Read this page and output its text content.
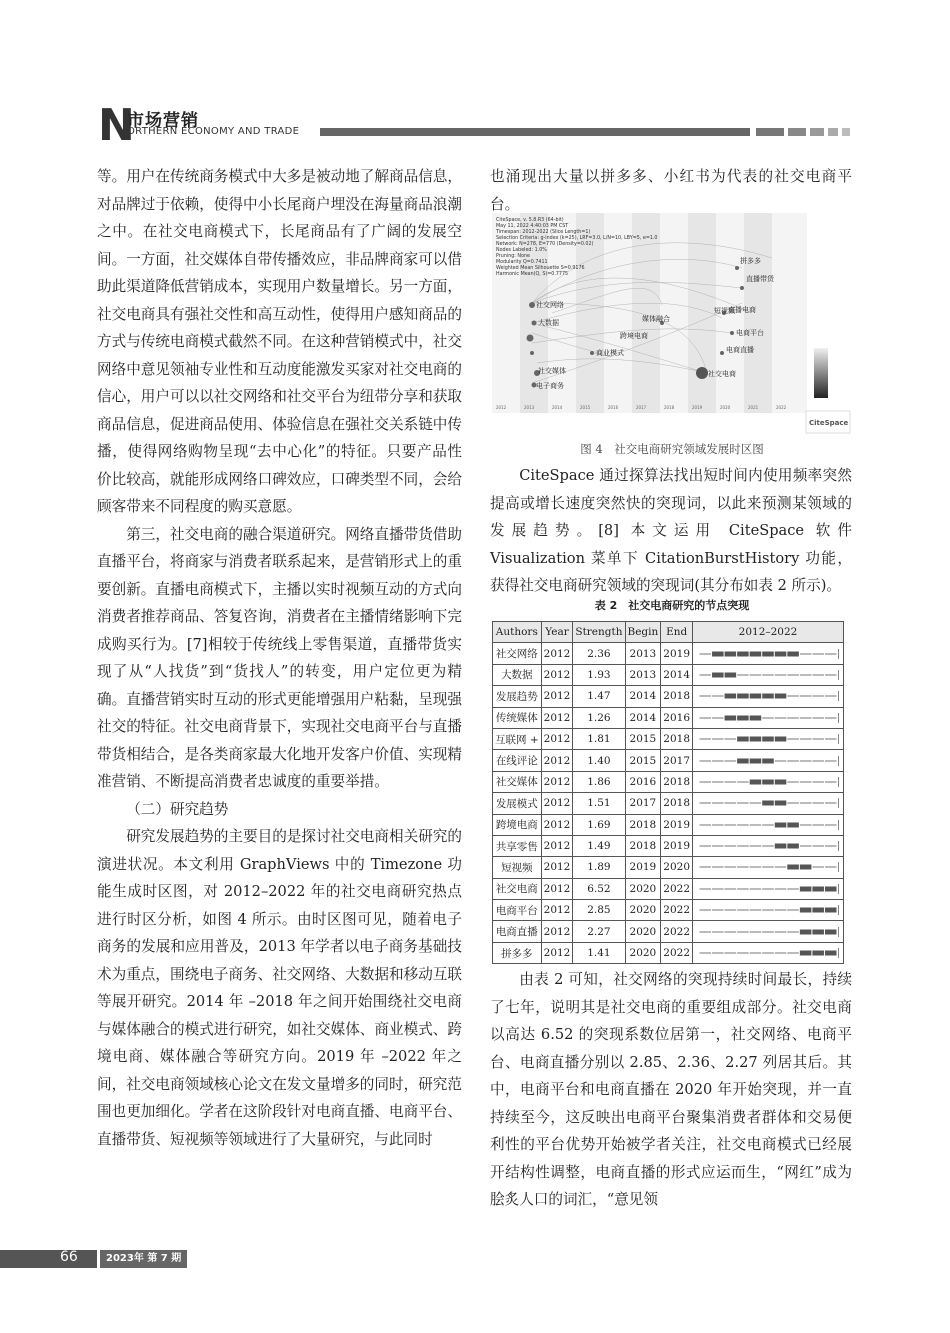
N
市场营销
ORTHERN ECONOMY AND TRADE

等。用户在传统商务模式中大多是被动地了解商品信息，对品牌过于依赖，使得中小长尾商户埋没在海量商品浪潮之中。在社交电商模式下，长尾商品有了广阔的发展空间。一方面，社交媒体自带传播效应，非品牌商家可以借助此渠道降低营销成本，实现用户数量增长。另一方面，社交电商具有强社交性和高互动性，使得用户感知商品的方式与传统电商模式截然不同。在这种营销模式中，社交网络中意见领袖专业性和互动度能激发买家对社交电商的信心，用户可以以社交网络和社交平台为纽带分享和获取商品信息，促进商品使用、体验信息在强社交关系链中传播，使得网络购物呈现“去中心化”的特征。只要产品性价比较高，就能形成网络口碑效应，口碑类型不同，会给顾客带来不同程度的购买意愿。

第三，社交电商的融合渠道研究。网络直播带货借助直播平台，将商家与消费者联系起来，是营销形式上的重要创新。直播电商模式下，主播以实时视频互动的方式向消费者推荐商品、答复咨询，消费者在主播情绪影响下完成购买行为。[7]相较于传统线上零售渠道，直播带货实现了从“人找货”到“货找人”的转变，用户定位更为精确。直播营销实时互动的形式更能增强用户粘黏，呈现强社交的特征。社交电商背景下，实现社交电商平台与直播带货相结合，是各类商家最大化地开发客户价值、实现精准营销、不断提高消费者忠诚度的重要举措。

（二）研究趋势

研究发展趋势的主要目的是探讨社交电商相关研究的演进状况。本文利用 GraphViews 中的 Timezone 功能生成时区图，对 2012–2022 年的社交电商研究热点进行时区分析，如图 4 所示。由时区图可见，随着电子商务的发展和应用普及，2013 年学者以电子商务基础技术为重点，围绕电子商务、社交网络、大数据和移动互联等展开研究。2014 年 –2018 年之间开始围绕社交电商与媒体融合的模式进行研究，如社交媒体、商业模式、跨境电商、媒体融合等研究方向。2019 年 –2022 年之间，社交电商领域核心论文在发文量增多的同时，研究范围也更加细化。学者在这阶段针对电商直播、电商平台、直播带货、短视频等领域进行了大量研究，与此同时

也涌现出大量以拼多多、小红书为代表的社交电商平台。

CiteSpace, v. 5.8.R3 (64-bit)
May 11, 2022 4:40:03 PM CST
Timespan: 2012-2022 (Slice Length=1)
Selection Criteria: g-index (k=25), LRF=3.0, L/N=10, LBY=5, e=1.0
Network: N=278, E=770 (Density=0.02)
Nodes Labeled: 1.0%
Pruning: None
Modularity Q=0.7411
Weighted Mean Silhouette S=0.9176
Harmonic Mean(Q, S)=0.7775
社交网络
大数据	媒体融合
社交电商
商业模式
跨境电商
社交媒体
电子商务
拼多多
直播带货
短视频
直播电商
电商平台
电商直播
2012	2013	2014	2015	2016	2017	2018	2019	2020	2021	2022
CiteSpace
图 4　社交电商研究领域发展时区图

CiteSpace 通过探算法找出短时间内使用频率突然提高或增长速度突然快的突现词，以此来预测某领域的发展趋势。[8] 本文运用 CiteSpace 软件 Visualization 菜单下 CitationBurstHistory 功能，获得社交电商研究领域的突现词(其分布如表 2 所示)。

表 2　社交电商研究的节点突现
Authors	Year	Strength	Begin	End	2012–2022
社交网络	2012	2.36	2013	2019	

大数据	2012	1.93	2013	2014	

发展趋势	2012	1.47	2014	2018	

传统媒体	2012	1.26	2014	2016	

互联网 +	2012	1.81	2015	2018	

在线评论	2012	1.40	2015	2017	

社交媒体	2012	1.86	2016	2018	

发展模式	2012	1.51	2017	2018	

跨境电商	2012	1.69	2018	2019	

共享零售	2012	1.49	2018	2019	

短视频	2012	1.89	2019	2020	

社交电商	2012	6.52	2020	2022	

电商平台	2012	2.85	2020	2022	

电商直播	2012	2.27	2020	2022	

拼多多	2012	1.41	2020	2022	

由表 2 可知，社交网络的突现持续时间最长，持续了七年，说明其是社交电商的重要组成部分。社交电商以高达 6.52 的突现系数位居第一，社交网络、电商平台、电商直播分别以 2.85、2.36、2.27 列居其后。其中，电商平台和电商直播在 2020 年开始突现，并一直持续至今，这反映出电商平台聚集消费者群体和交易便利性的平台优势开始被学者关注，社交电商模式已经展开结构性调整，电商直播的形式应运而生，“网红”成为脍炙人口的词汇，“意见领

66	2023年 第 7 期
